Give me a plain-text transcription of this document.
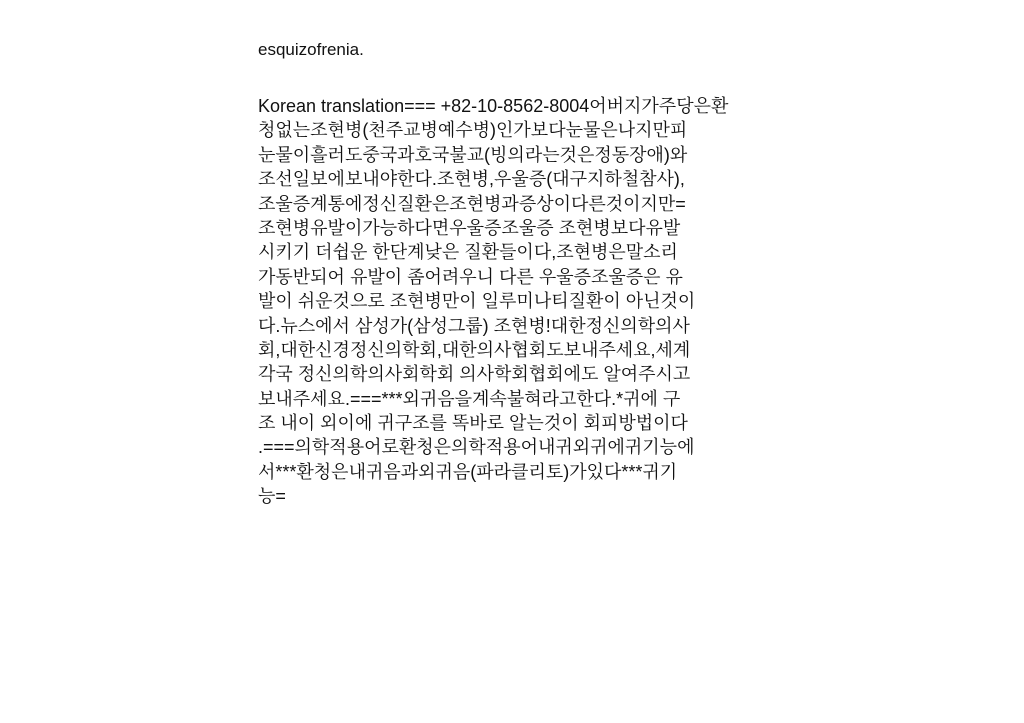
esquizofrenia.
Korean translation=== +82-10-8562-8004어버지가주당은환
청없는조현병(천주교병예수병)인가보다눈물은나지만피
눈물이흘러도중국과호국불교(빙의라는것은정동장애)와
조선일보에보내야한다.조현병,우울증(대구지하철참사),
조울증계통에정신질환은조현병과증상이다른것이지만=
조현병유발이가능하다면우울증조울증 조현병보다유발
시키기 더쉽운 한단계낮은 질환들이다,조현병은말소리
가동반되어 유발이 좀어려우니 다른 우울증조울증은 유
발이 쉬운것으로 조현병만이 일루미나티질환이 아닌것이
다.뉴스에서 삼성가(삼성그룹) 조현병!대한정신의학의사
회,대한신경정신의학회,대한의사협회도보내주세요,세계
각국 정신의학의사회학회 의사학회협회에도 알여주시고
보내주세요.===***외귀음을계속불혀라고한다.*귀에 구
조 내이 외이에 귀구조를 똑바로 알는것이 회피방법이다
.===의학적용어로환청은의학적용어내귀외귀에귀기능에
서***환청은내귀음과외귀음(파라클리토)가있다***귀기
능=
